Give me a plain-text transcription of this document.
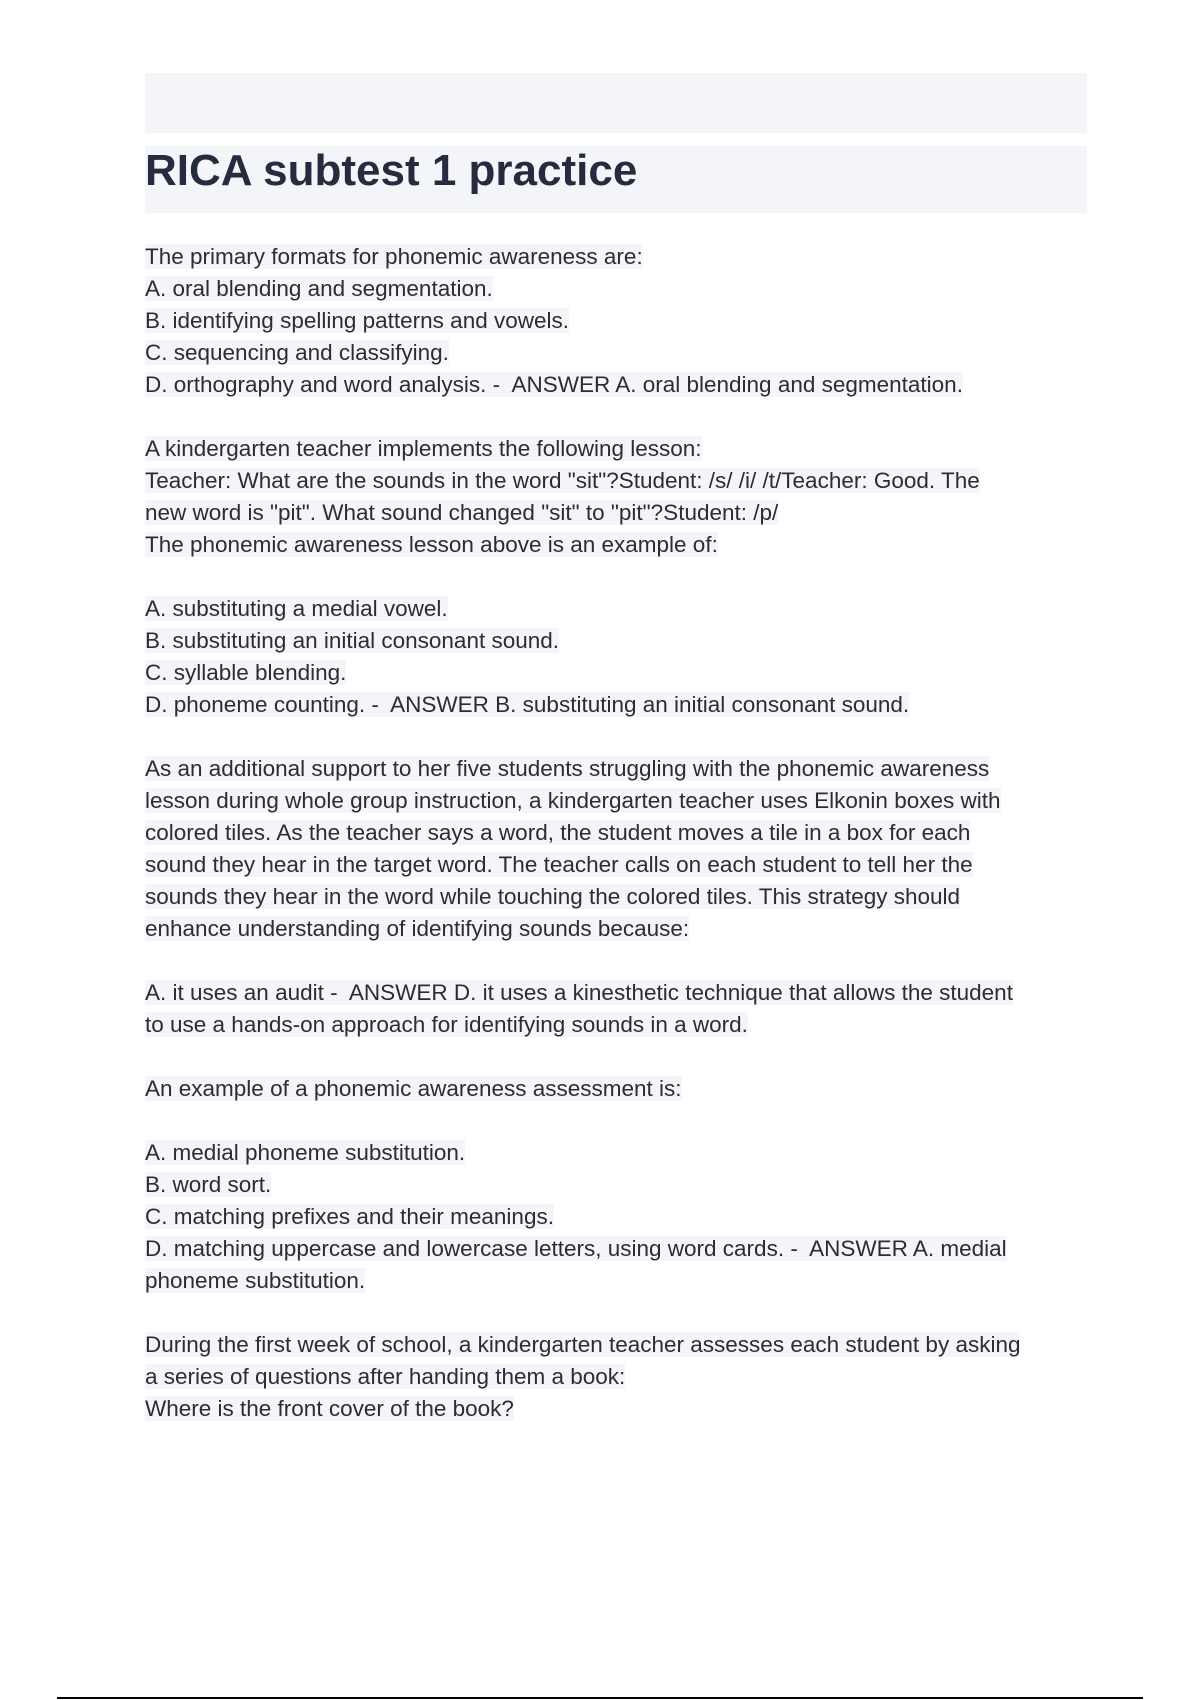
RICA subtest 1 practice
The primary formats for phonemic awareness are:
A. oral blending and segmentation.
B. identifying spelling patterns and vowels.
C. sequencing and classifying.
D. orthography and word analysis. -  ANSWER A. oral blending and segmentation.
A kindergarten teacher implements the following lesson:
Teacher: What are the sounds in the word "sit"?Student: /s/ /i/ /t/Teacher: Good. The
new word is "pit". What sound changed "sit" to "pit"?Student: /p/
The phonemic awareness lesson above is an example of:
A. substituting a medial vowel.
B. substituting an initial consonant sound.
C. syllable blending.
D. phoneme counting. -  ANSWER B. substituting an initial consonant sound.
As an additional support to her five students struggling with the phonemic awareness
lesson during whole group instruction, a kindergarten teacher uses Elkonin boxes with
colored tiles. As the teacher says a word, the student moves a tile in a box for each
sound they hear in the target word. The teacher calls on each student to tell her the
sounds they hear in the word while touching the colored tiles. This strategy should
enhance understanding of identifying sounds because:
A. it uses an audit -  ANSWER D. it uses a kinesthetic technique that allows the student
to use a hands-on approach for identifying sounds in a word.
An example of a phonemic awareness assessment is:
A. medial phoneme substitution.
B. word sort.
C. matching prefixes and their meanings.
D. matching uppercase and lowercase letters, using word cards. -  ANSWER A. medial
phoneme substitution.
During the first week of school, a kindergarten teacher assesses each student by asking
a series of questions after handing them a book:
Where is the front cover of the book?
